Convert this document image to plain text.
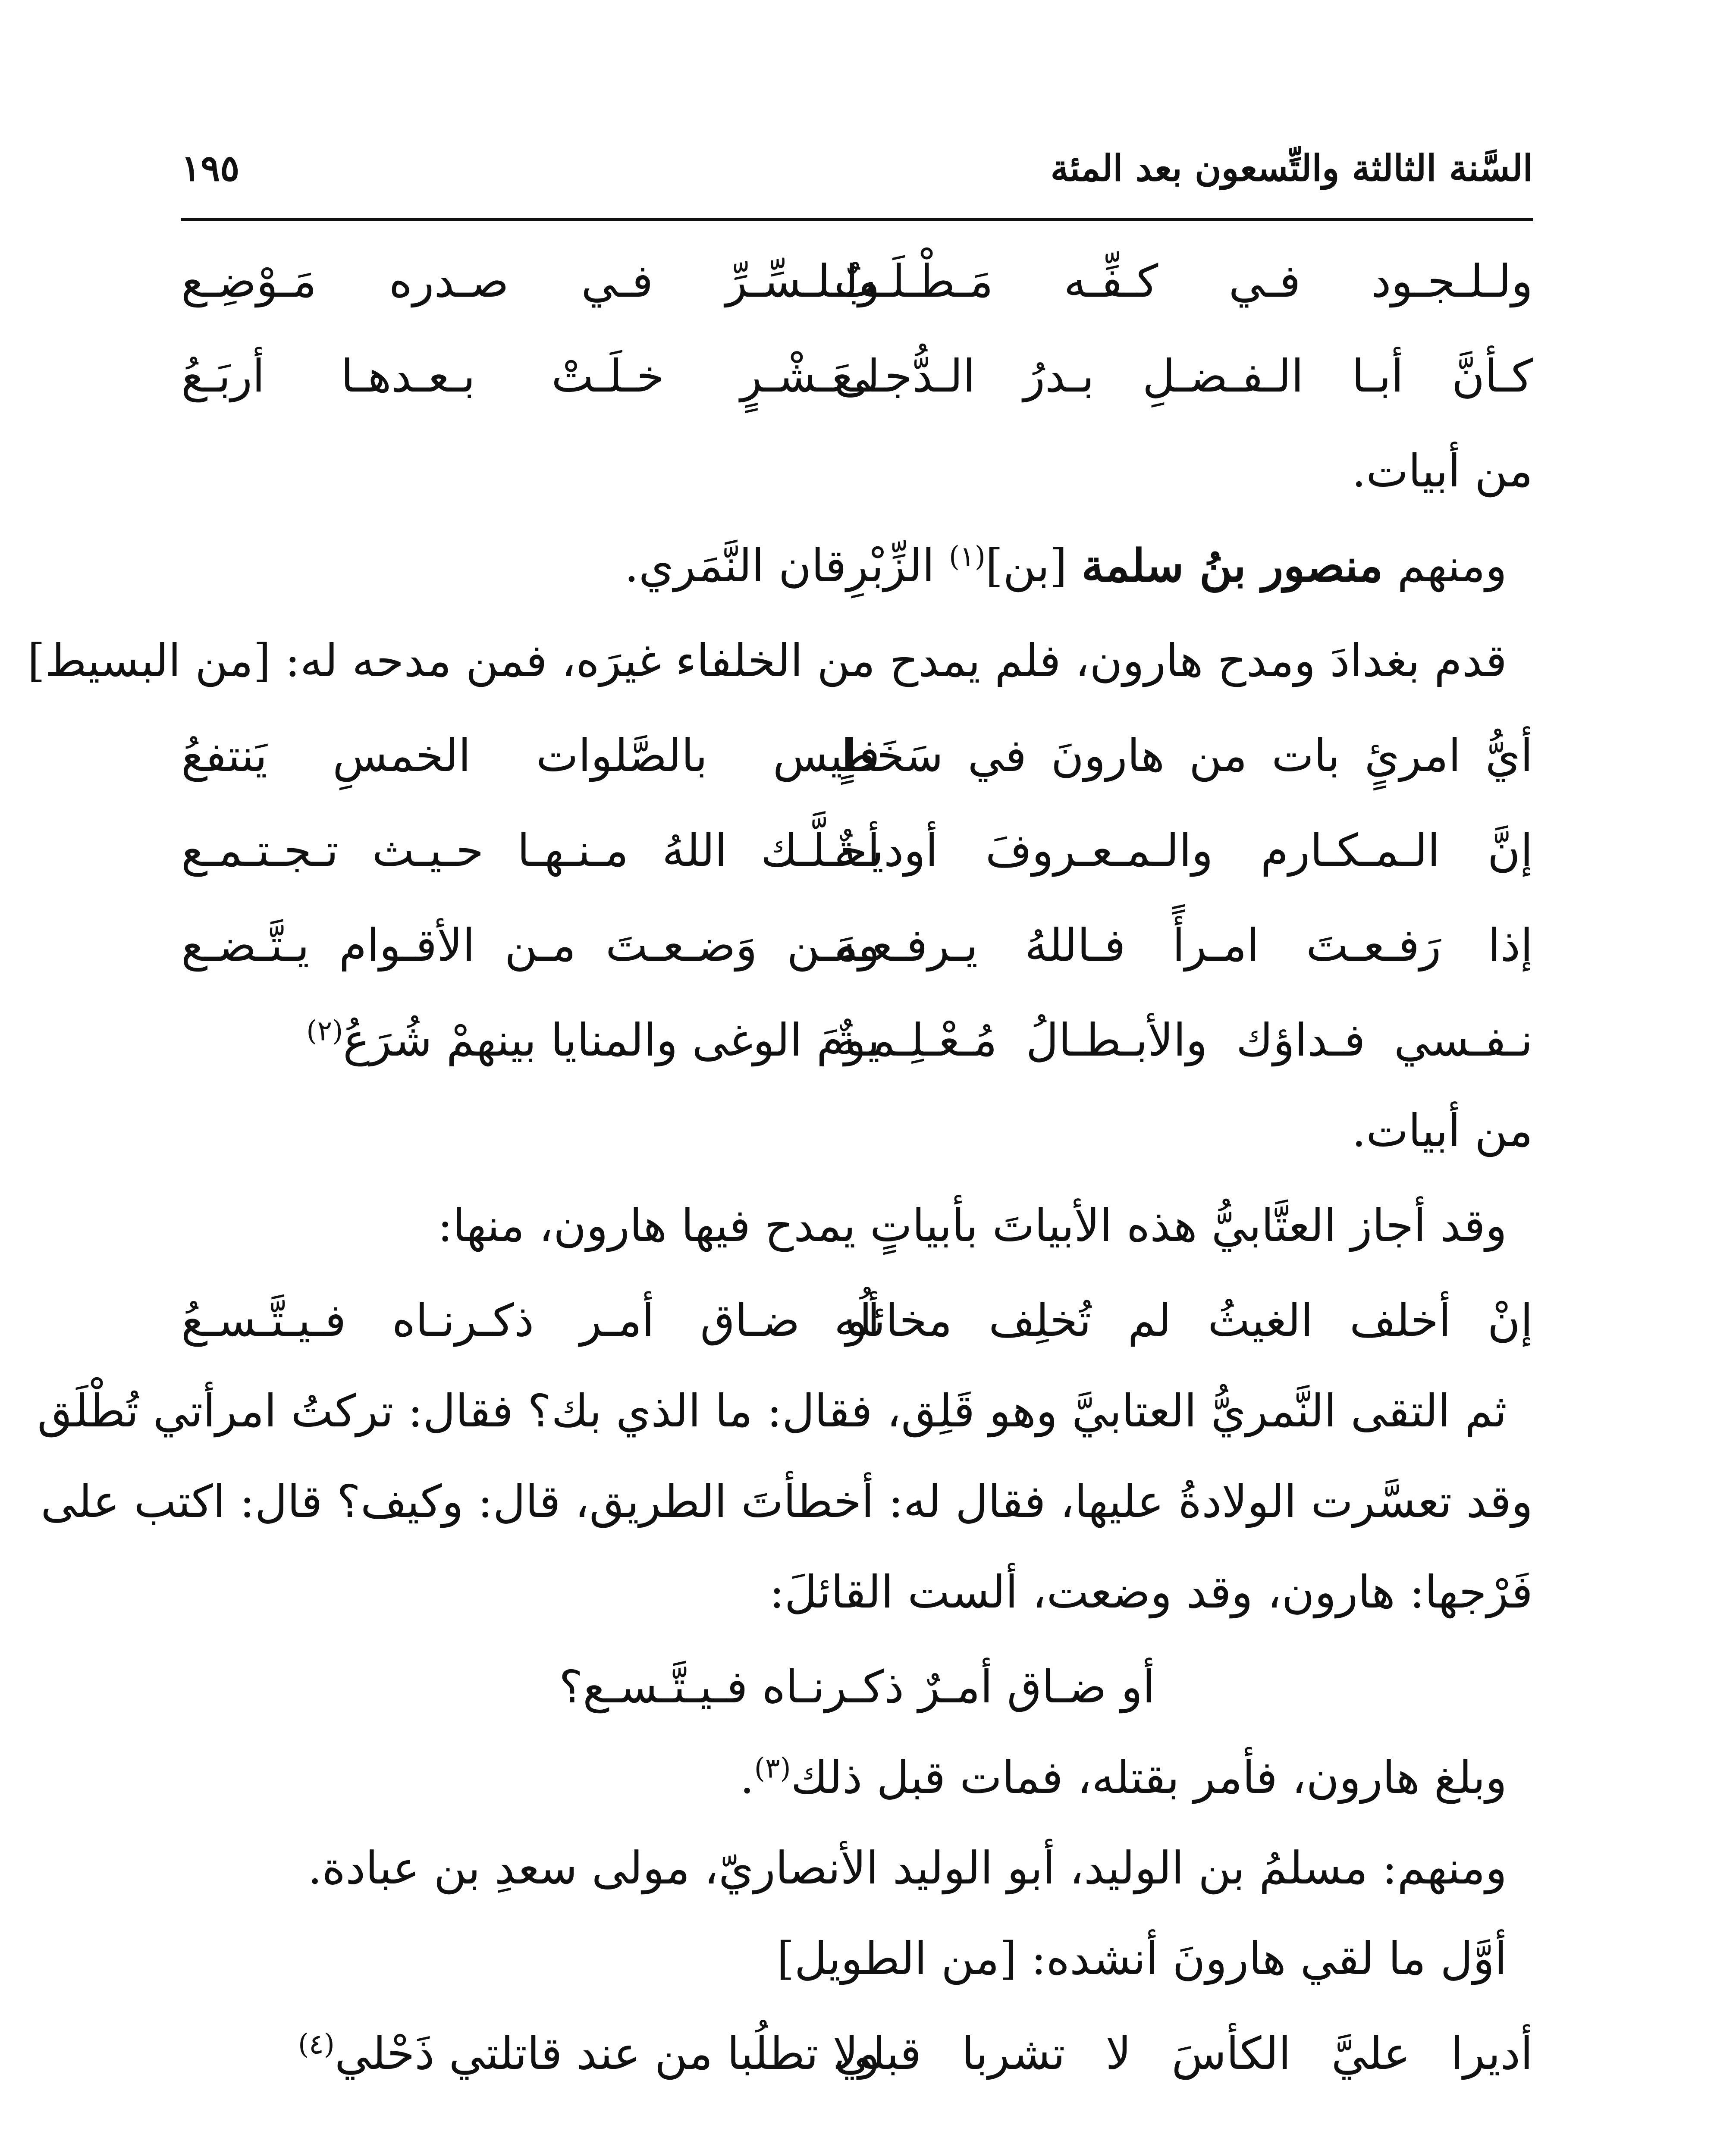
السَّنة الثالثة والتِّسعون بعد المئة
١٩٥
ولـلـجـود فـي كـفِّـه مَـطْـلَـبٌ
ولـلـسِّـرِّ فـي صـدره مَـوْضِـع
كـأنَّ أبـا الـفـضـلِ بـدرُ الـدُّجـى
لـعَـشْـرٍ خـلَـتْ بـعـدهـا أربَـعُ
من أبيات.
ومنهم منصور بنُ سلمة [بن]$^{(١)}$ الزِّبْرِقان النَّمَري.
قدم بغدادَ ومدح هارون، فلم يمدح من الخلفاء غيرَه، فمن مدحه له: [من البسيط]
أيُّ امرئٍ بات من هارونَ في سَخَطٍ
فليس بالصَّلوات الخمسِ يَنتفعُ
إنَّ الـمـكـارم والـمـعـروفَ أوديـةٌ
أحـلَّـك اللهُ مـنـهـا حـيـث تـجـتـمـع
إذا رَفـعـتَ امـرأً فـاللهُ يـرفـعـه
ومَـن وَضـعـتَ مـن الأقـوام يـتَّـضـع
نـفـسي فـداؤك والأبـطـالُ مُـعْـلِـمـةٌ
يومَ الوغى والمنايا بينهمْ شُرَعُ$^{(٢)}$
من أبيات.
وقد أجاز العتَّابيُّ هذه الأبياتَ بأبياتٍ يمدح فيها هارون، منها:
إنْ أخلف الغيثُ لم تُخلِف مخائلُه
أو ضـاق أمـر ذكـرنـاه فـيـتَّـسـعُ
ثم التقى النَّمريُّ العتابيَّ وهو قَلِق، فقال: ما الذي بك؟ فقال: تركتُ امرأتي تُطْلَق
وقد تعسَّرت الولادةُ عليها، فقال له: أخطأتَ الطريق، قال: وكيف؟ قال: اكتب على
فَرْجها: هارون، وقد وضعت، ألست القائلَ:
أو ضـاق أمـرٌ ذكـرنـاه فـيـتَّـسـع؟
وبلغ هارون، فأمر بقتله، فمات قبل ذلك$^{(٣)}$.
ومنهم: مسلمُ بن الوليد، أبو الوليد الأنصاريّ، مولى سعدِ بن عبادة.
أوَّل ما لقي هارونَ أنشده: [من الطويل]
أديرا عليَّ الكأسَ لا تشربا قبلي
ولا تطلُبا من عند قاتلتي ذَحْلي$^{(٤)}$
